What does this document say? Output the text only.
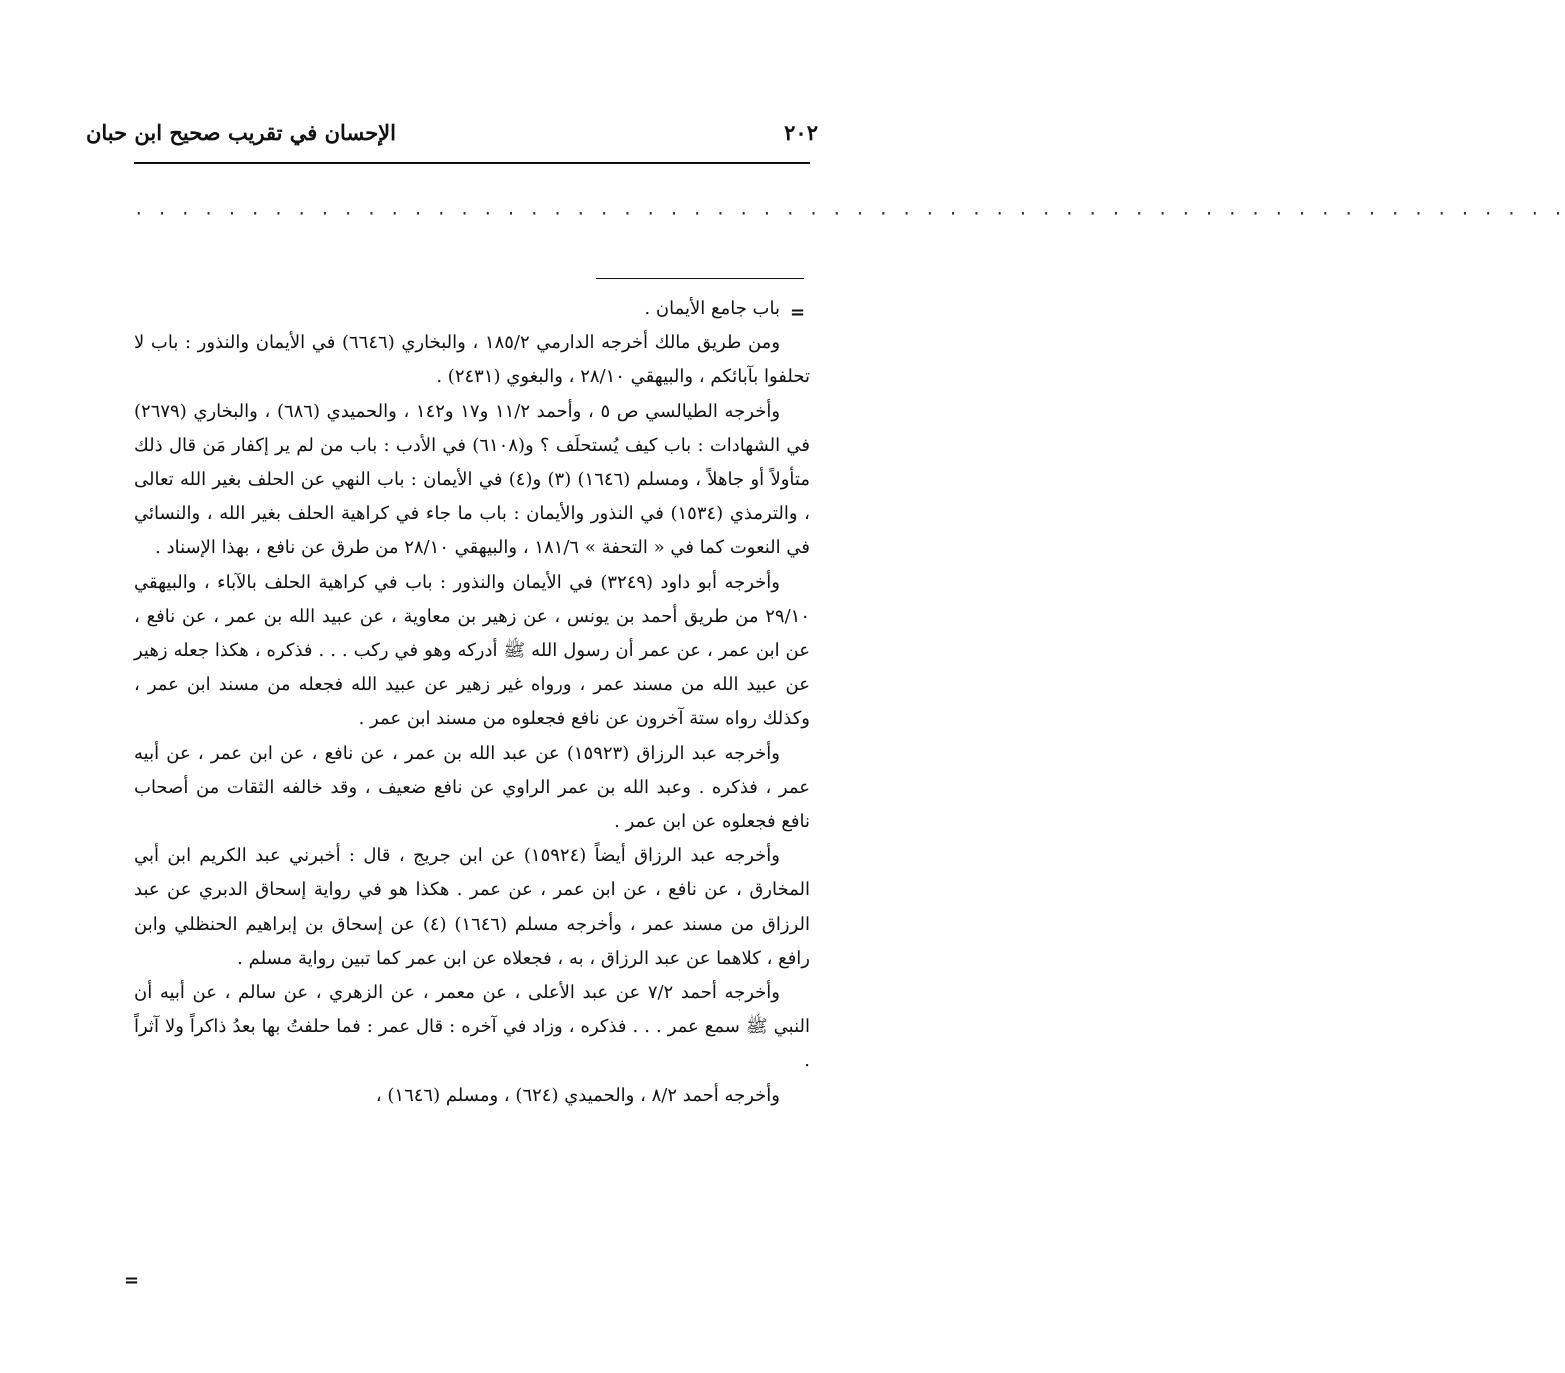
٢٠٢
الإحسان في تقريب صحيح ابن حبان
· · · · · · · · · · · · · · · · · · · · · · · · · · · · · · · · · · · · · · · · · · · · · · · · · · · · · · · · · · · · · ·
=

باب جامع الأيمان .

ومن طريق مالك أخرجه الدارمي ١٨٥/٢ ، والبخاري (٦٦٤٦) في الأيمان والنذور : باب لا تحلفوا بآبائكم ، والبيهقي ٢٨/١٠ ، والبغوي (٢٤٣١) .

وأخرجه الطيالسي ص ٥ ، وأحمد ١١/٢ و١٧ و١٤٢ ، والحميدي (٦٨٦) ، والبخاري (٢٦٧٩) في الشهادات : باب كيف يُستحلَف ؟ و(٦١٠٨) في الأدب : باب من لم ير إكفار مَن قال ذلك متأولاً أو جاهلاً ، ومسلم (١٦٤٦) (٣) و(٤) في الأيمان : باب النهي عن الحلف بغير الله تعالى ، والترمذي (١٥٣٤) في النذور والأيمان : باب ما جاء في كراهية الحلف بغير الله ، والنسائي في النعوت كما في « التحفة » ١٨١/٦ ، والبيهقي ٢٨/١٠ من طرق عن نافع ، بهذا الإسناد .

وأخرجه أبو داود (٣٢٤٩) في الأيمان والنذور : باب في كراهية الحلف بالآباء ، والبيهقي ٢٩/١٠ من طريق أحمد بن يونس ، عن زهير بن معاوية ، عن عبيد الله بن عمر ، عن نافع ، عن ابن عمر ، عن عمر أن رسول الله ﷺ أدركه وهو في ركب . . . فذكره ، هكذا جعله زهير عن عبيد الله من مسند عمر ، ورواه غير زهير عن عبيد الله فجعله من مسند ابن عمر ، وكذلك رواه ستة آخرون عن نافع فجعلوه من مسند ابن عمر .

وأخرجه عبد الرزاق (١٥٩٢٣) عن عبد الله بن عمر ، عن نافع ، عن ابن عمر ، عن أبيه عمر ، فذكره . وعبد الله بن عمر الراوي عن نافع ضعيف ، وقد خالفه الثقات من أصحاب نافع فجعلوه عن ابن عمر .

وأخرجه عبد الرزاق أيضاً (١٥٩٢٤) عن ابن جريج ، قال : أخبرني عبد الكريم ابن أبي المخارق ، عن نافع ، عن ابن عمر ، عن عمر . هكذا هو في رواية إسحاق الدبري عن عبد الرزاق من مسند عمر ، وأخرجه مسلم (١٦٤٦) (٤) عن إسحاق بن إبراهيم الحنظلي وابن رافع ، كلاهما عن عبد الرزاق ، به ، فجعلاه عن ابن عمر كما تبين رواية مسلم .

وأخرجه أحمد ٧/٢ عن عبد الأعلى ، عن معمر ، عن الزهري ، عن سالم ، عن أبيه أن النبي ﷺ سمع عمر . . . فذكره ، وزاد في آخره : قال عمر : فما حلفتُ بها بعدُ ذاكراً ولا آثراً .

وأخرجه أحمد ٨/٢ ، والحميدي (٦٢٤) ، ومسلم (١٦٤٦) ،

=
